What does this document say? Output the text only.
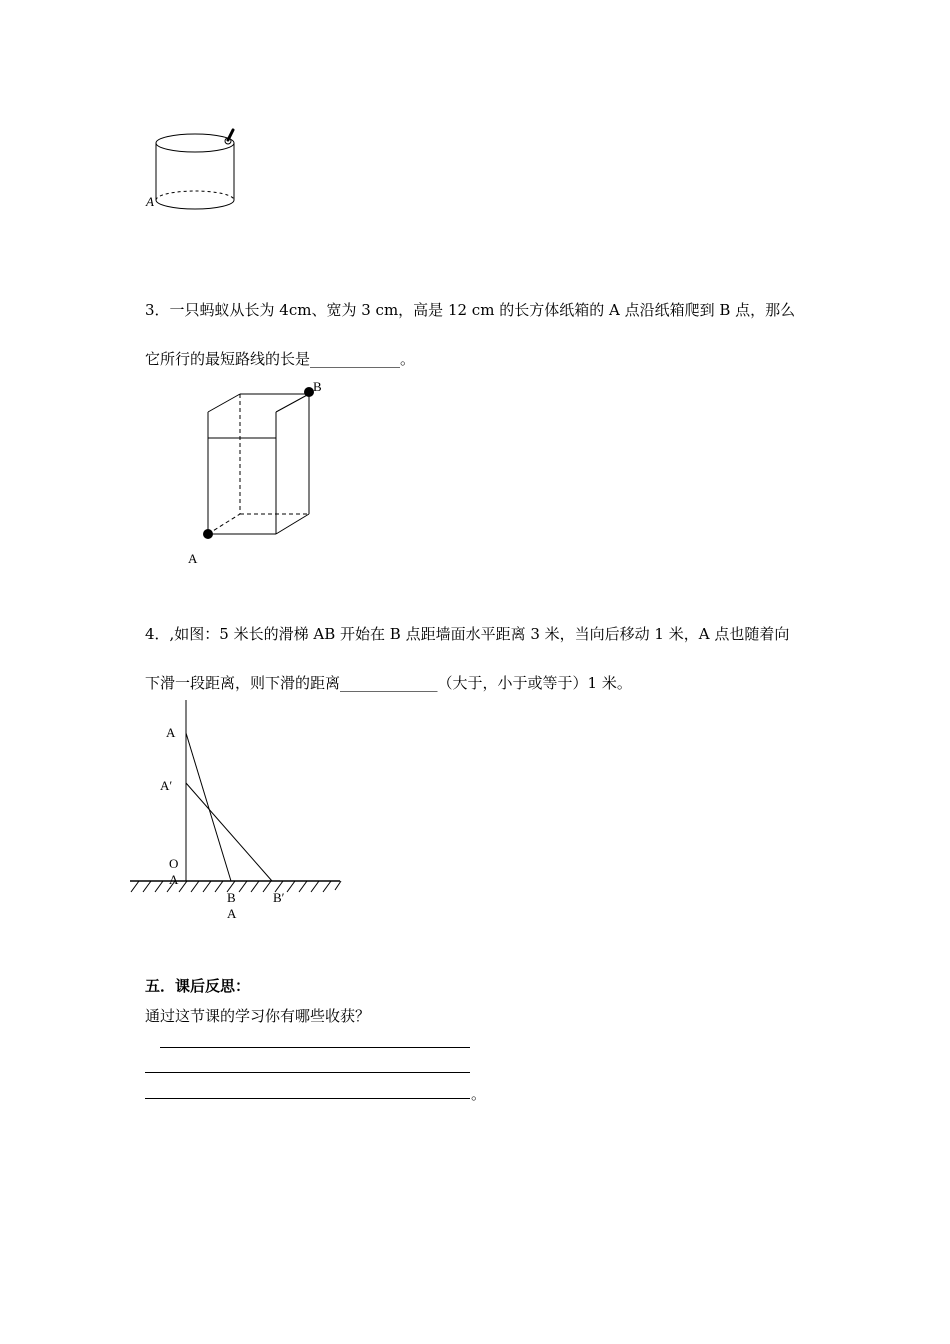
A
3．一只蚂蚁从长为 4cm、宽为 3 cm，高是 12 cm 的长方体纸箱的 A 点沿纸箱爬到 B 点，那么
它所行的最短路线的长是____________。
A
B
4．,如图：5 米长的滑梯 AB 开始在 B 点距墙面水平距离 3 米，当向后移动 1 米，A 点也随着向
下滑一段距离，则下滑的距离_____________（大于，小于或等于）1 米。
A
A′
O
A
B	B′
A
五．课后反思：
通过这节课的学习你有哪些收获？
。
